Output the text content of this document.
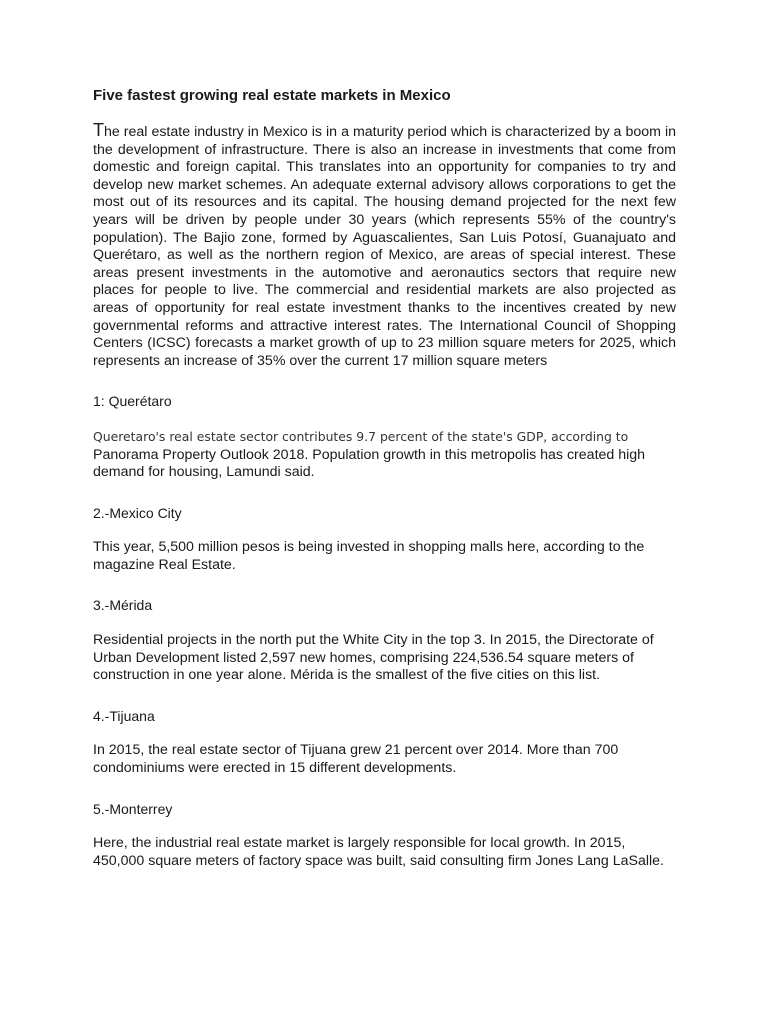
Five fastest growing real estate markets in Mexico
The real estate industry in Mexico is in a maturity period which is characterized by a boom in the development of infrastructure. There is also an increase in investments that come from domestic and foreign capital. This translates into an opportunity for companies to try and develop new market schemes. An adequate external advisory allows corporations to get the most out of its resources and its capital. The housing demand projected for the next few years will be driven by people under 30 years (which represents 55% of the country's population). The Bajio zone, formed by Aguascalientes, San Luis Potosí, Guanajuato and Querétaro, as well as the northern region of Mexico, are areas of special interest. These areas present investments in the automotive and aeronautics sectors that require new places for people to live. The commercial and residential markets are also projected as areas of opportunity for real estate investment thanks to the incentives created by new governmental reforms and attractive interest rates. The International Council of Shopping Centers (ICSC) forecasts a market growth of up to 23 million square meters for 2025, which represents an increase of 35% over the current 17 million square meters
1: Querétaro
Queretaro's real estate sector contributes 9.7 percent of the state's GDP, according to
Panorama Property Outlook 2018. Population growth in this metropolis has created high demand for housing, Lamundi said.
2.-Mexico City
This year, 5,500 million pesos is being invested in shopping malls here, according to the magazine Real Estate.
3.-Mérida
Residential projects in the north put the White City in the top 3. In 2015, the Directorate of Urban Development listed 2,597 new homes, comprising 224,536.54 square meters of construction in one year alone. Mérida is the smallest of the five cities on this list.
4.-Tijuana
In 2015, the real estate sector of Tijuana grew 21 percent over 2014. More than 700 condominiums were erected in 15 different developments.
5.-Monterrey
Here, the industrial real estate market is largely responsible for local growth. In 2015, 450,000 square meters of factory space was built, said consulting firm Jones Lang LaSalle.
